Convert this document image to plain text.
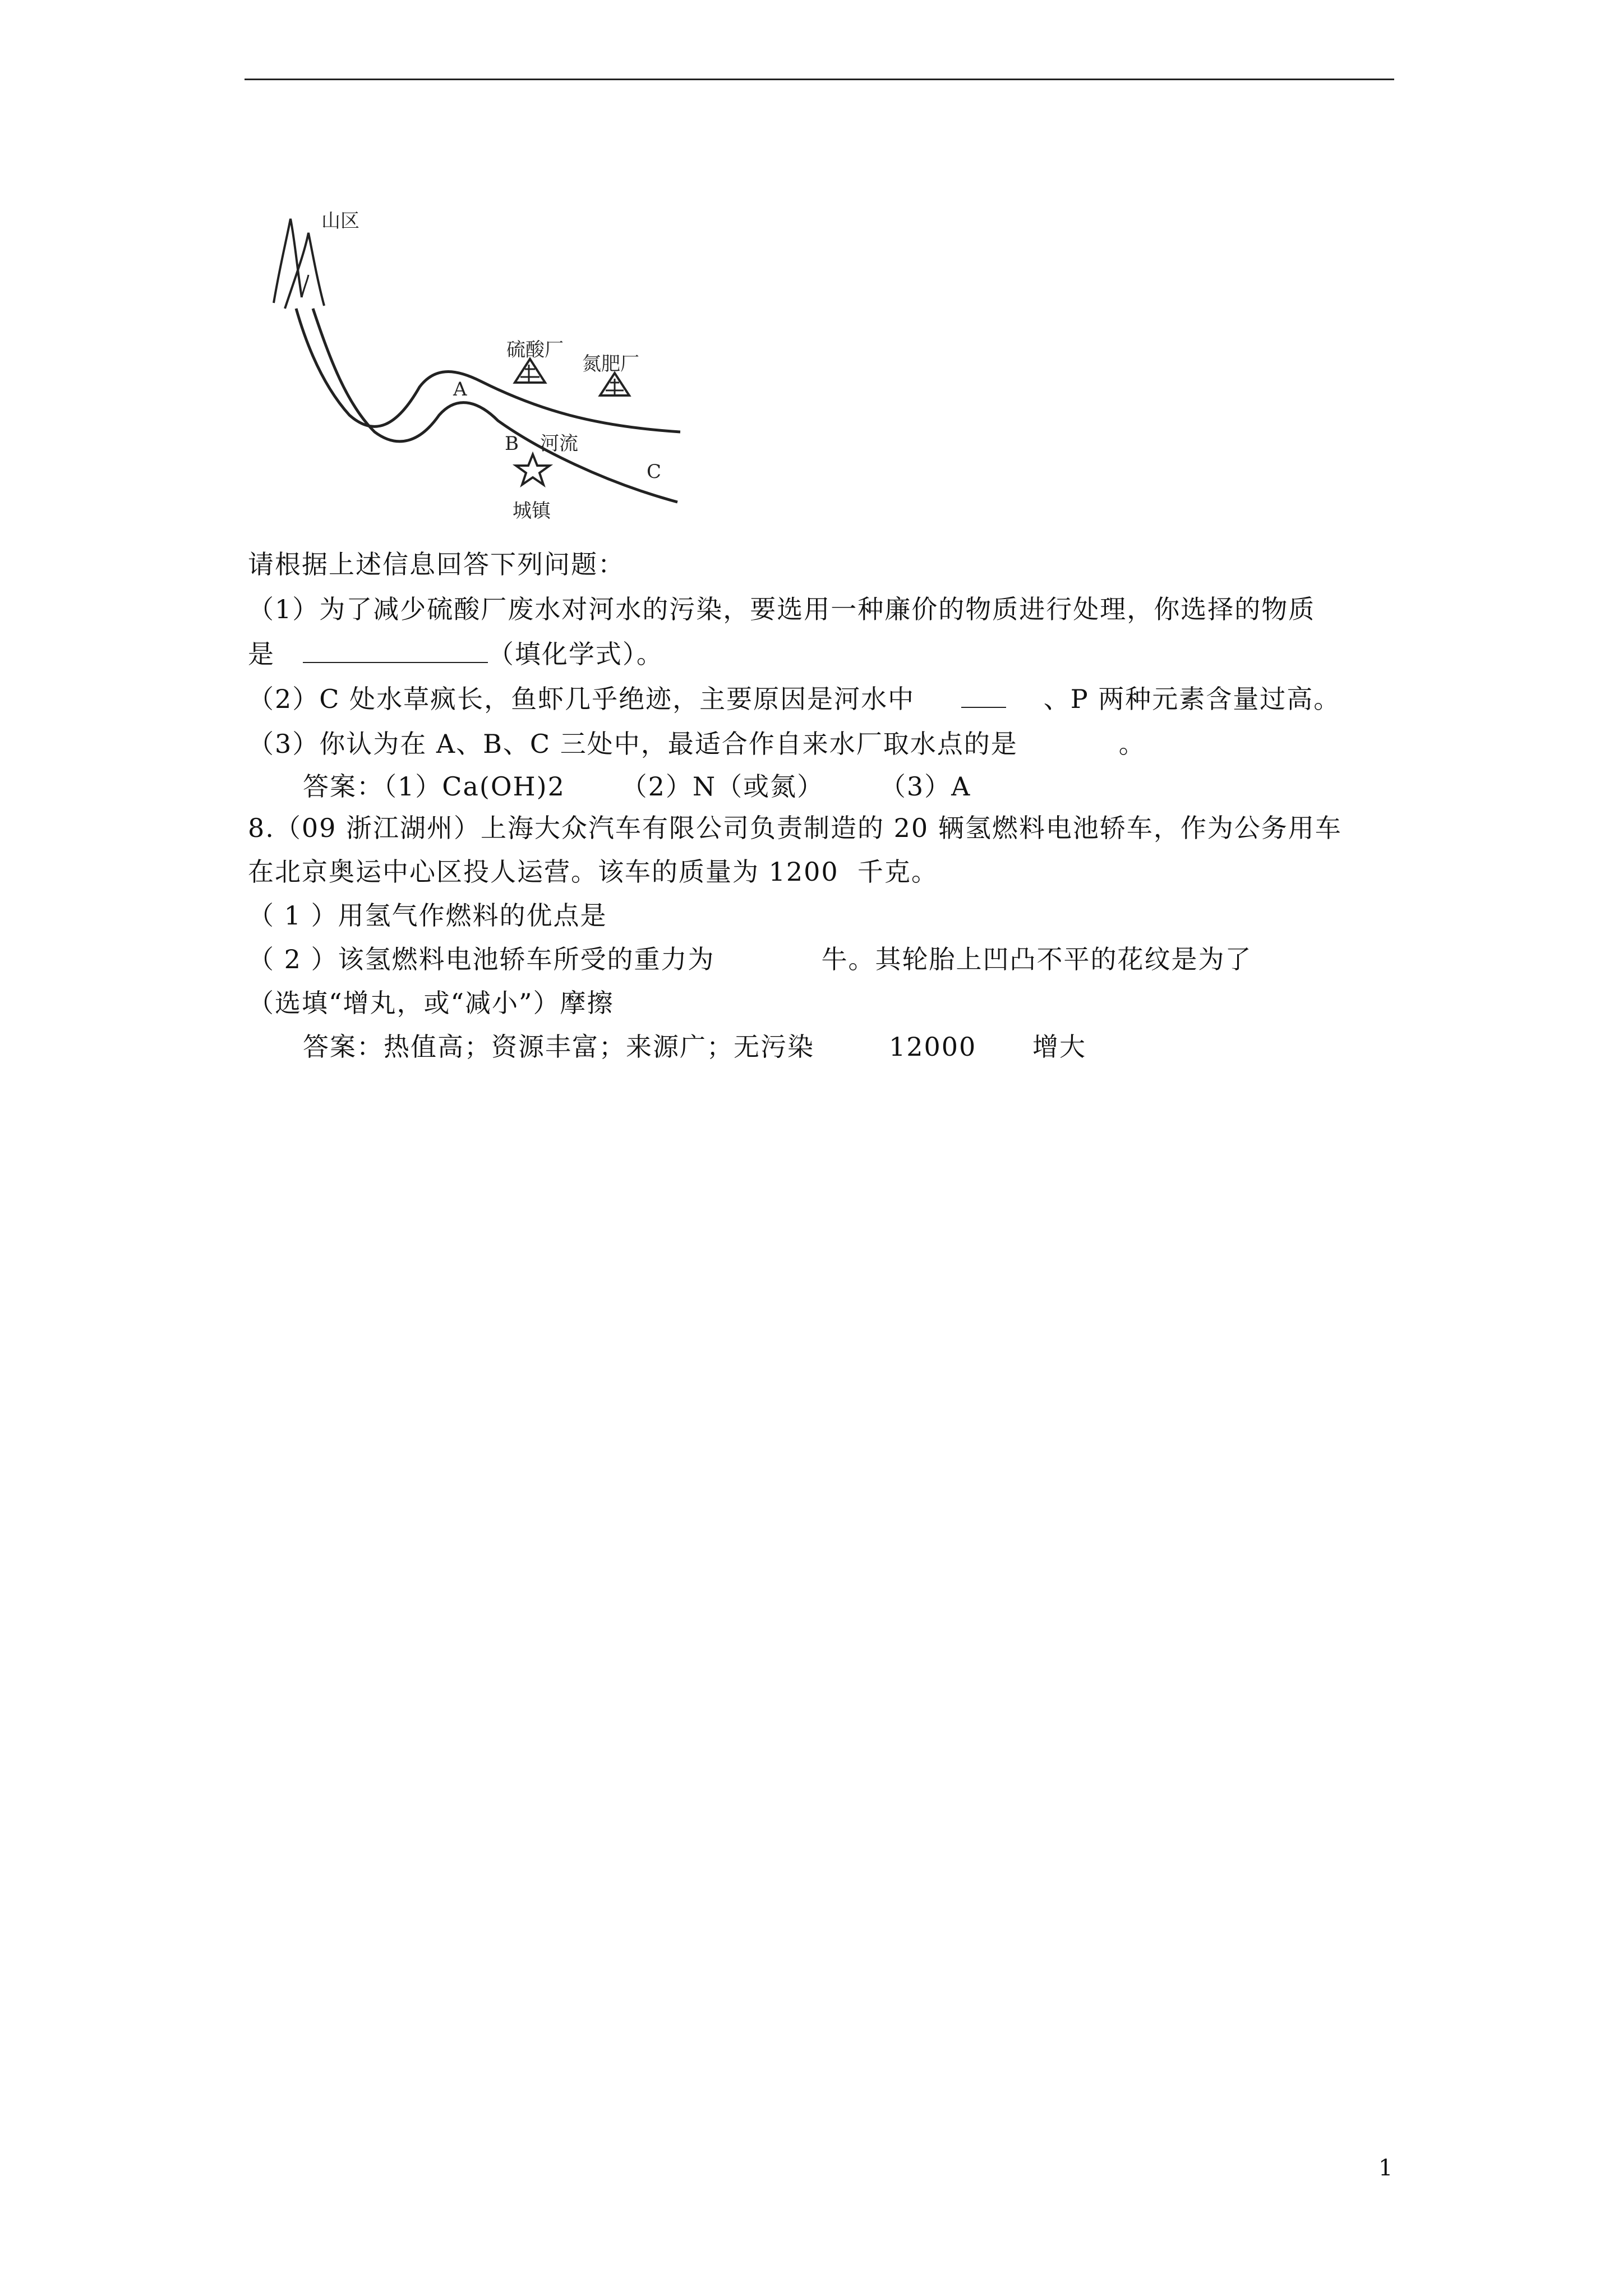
山区
硫酸厂
氮肥厂
A
B 河流
C
城镇
请根据上述信息回答下列问题：
（1）为了减少硫酸厂废水对河水的污染，要选用一种廉价的物质进行处理，你选择的物质
是	（填化学式）。
（2）C 处水草疯长，鱼虾几乎绝迹，主要原因是河水中	、P 两种元素含量过高。
（3）你认为在 A、B、C 三处中，最适合作自来水厂取水点的是	。
答案：（1）Ca(OH)2      （2）N（或氮）      （3）A
8.（09 浙江湖州）上海大众汽车有限公司负责制造的 20 辆氢燃料电池轿车，作为公务用车
在北京奥运中心区投人运营。该车的质量为 1200  千克。
（ 1 ）用氢气作燃料的优点是
（ 2 ）该氢燃料电池轿车所受的重力为	牛。其轮胎上凹凸不平的花纹是为了
（选填“增丸，或“减小”）摩擦
答案：热值高；资源丰富；来源广；无污染        12000      增大
1
